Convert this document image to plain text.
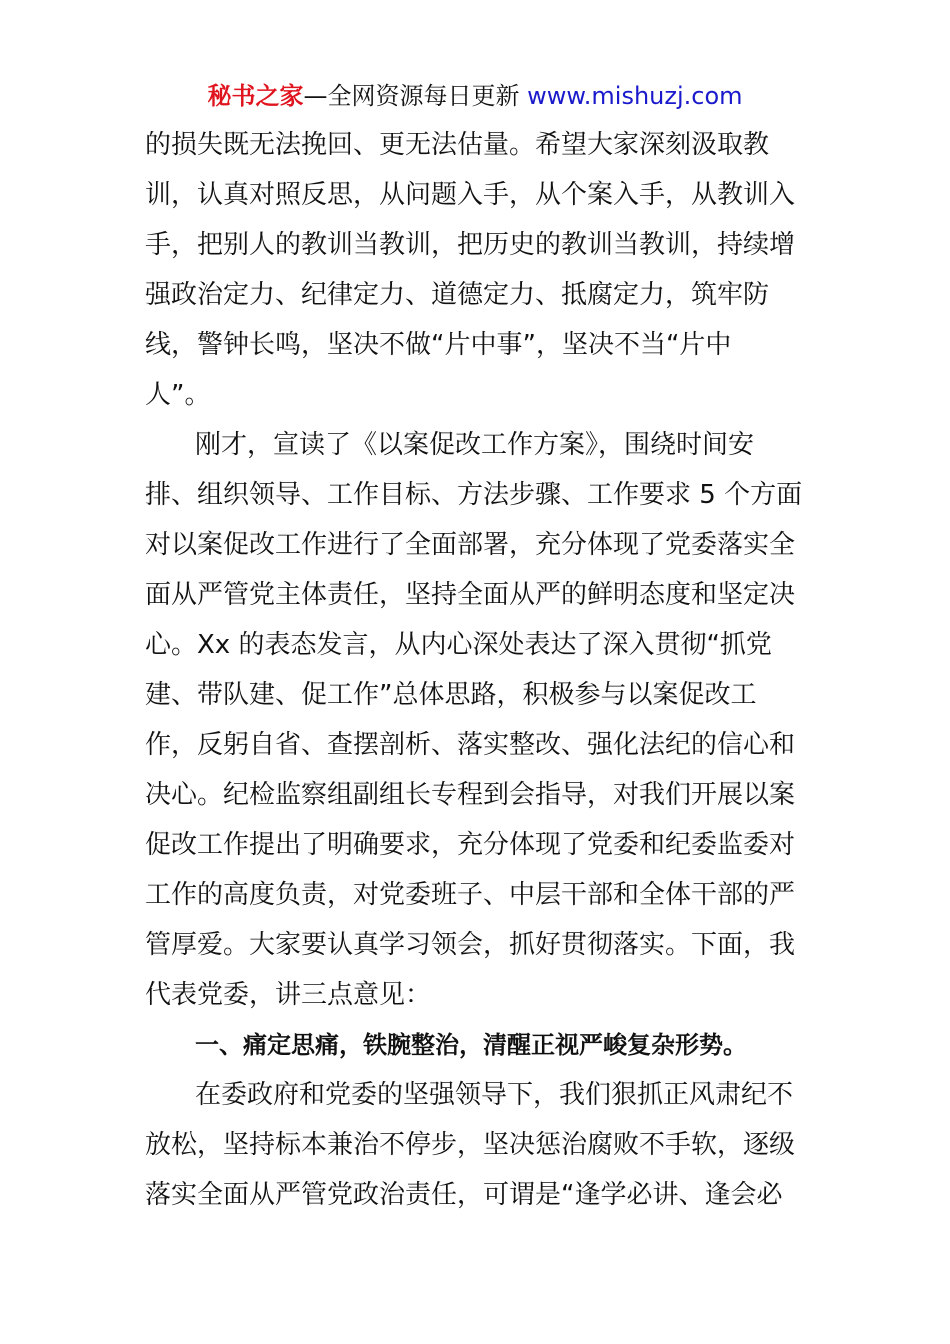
秘书之家—全网资源每日更新 www.mishuzj.com
的损失既无法挽回、更无法估量。希望大家深刻汲取教
训，认真对照反思，从问题入手，从个案入手，从教训入
手，把别人的教训当教训，把历史的教训当教训，持续增
强政治定力、纪律定力、道德定力、抵腐定力，筑牢防
线，警钟长鸣，坚决不做“片中事”，坚决不当“片中
人”。
刚才，宣读了《以案促改工作方案》，围绕时间安
排、组织领导、工作目标、方法步骤、工作要求 5 个方面
对以案促改工作进行了全面部署，充分体现了党委落实全
面从严管党主体责任，坚持全面从严的鲜明态度和坚定决
心。Xx 的表态发言，从内心深处表达了深入贯彻“抓党
建、带队建、促工作”总体思路，积极参与以案促改工
作，反躬自省、查摆剖析、落实整改、强化法纪的信心和
决心。纪检监察组副组长专程到会指导，对我们开展以案
促改工作提出了明确要求，充分体现了党委和纪委监委对
工作的高度负责，对党委班子、中层干部和全体干部的严
管厚爱。大家要认真学习领会，抓好贯彻落实。下面，我
代表党委，讲三点意见：
一、痛定思痛，铁腕整治，清醒正视严峻复杂形势。
在委政府和党委的坚强领导下，我们狠抓正风肃纪不
放松，坚持标本兼治不停步，坚决惩治腐败不手软，逐级
落实全面从严管党政治责任，可谓是“逢学必讲、逢会必
